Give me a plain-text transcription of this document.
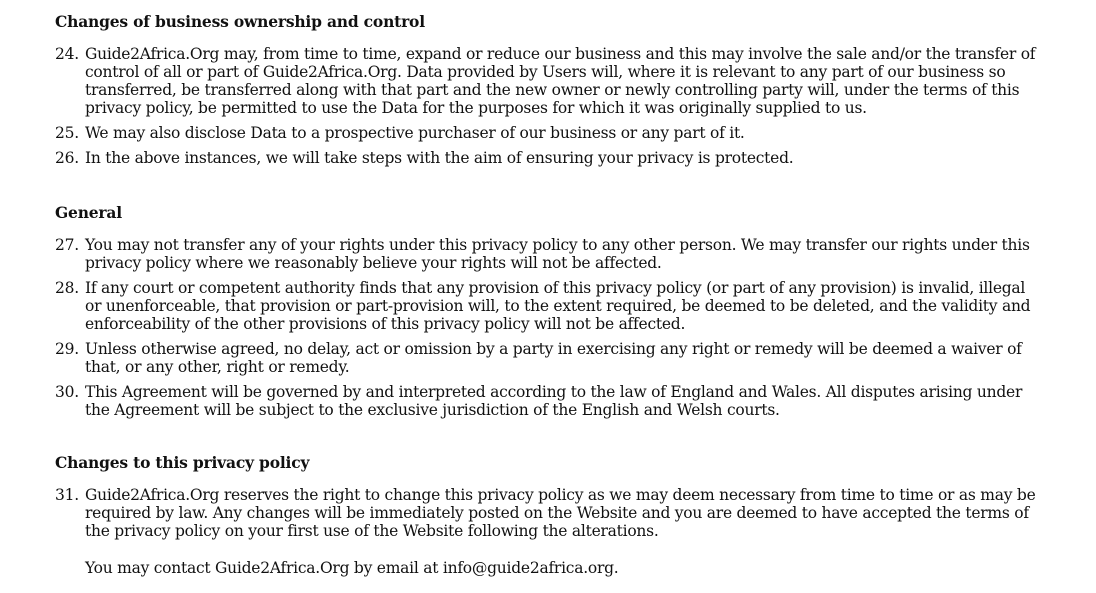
Changes of business ownership and control
24. Guide2Africa.Org may, from time to time, expand or reduce our business and this may involve the sale and/or the transfer of control of all or part of Guide2Africa.Org. Data provided by Users will, where it is relevant to any part of our business so transferred, be transferred along with that part and the new owner or newly controlling party will, under the terms of this privacy policy, be permitted to use the Data for the purposes for which it was originally supplied to us.
25. We may also disclose Data to a prospective purchaser of our business or any part of it.
26. In the above instances, we will take steps with the aim of ensuring your privacy is protected.
General
27. You may not transfer any of your rights under this privacy policy to any other person. We may transfer our rights under this privacy policy where we reasonably believe your rights will not be affected.
28. If any court or competent authority finds that any provision of this privacy policy (or part of any provision) is invalid, illegal or unenforceable, that provision or part-provision will, to the extent required, be deemed to be deleted, and the validity and enforceability of the other provisions of this privacy policy will not be affected.
29. Unless otherwise agreed, no delay, act or omission by a party in exercising any right or remedy will be deemed a waiver of that, or any other, right or remedy.
30. This Agreement will be governed by and interpreted according to the law of England and Wales. All disputes arising under the Agreement will be subject to the exclusive jurisdiction of the English and Welsh courts.
Changes to this privacy policy
31. Guide2Africa.Org reserves the right to change this privacy policy as we may deem necessary from time to time or as may be required by law. Any changes will be immediately posted on the Website and you are deemed to have accepted the terms of the privacy policy on your first use of the Website following the alterations.

You may contact Guide2Africa.Org by email at info@guide2africa.org.
